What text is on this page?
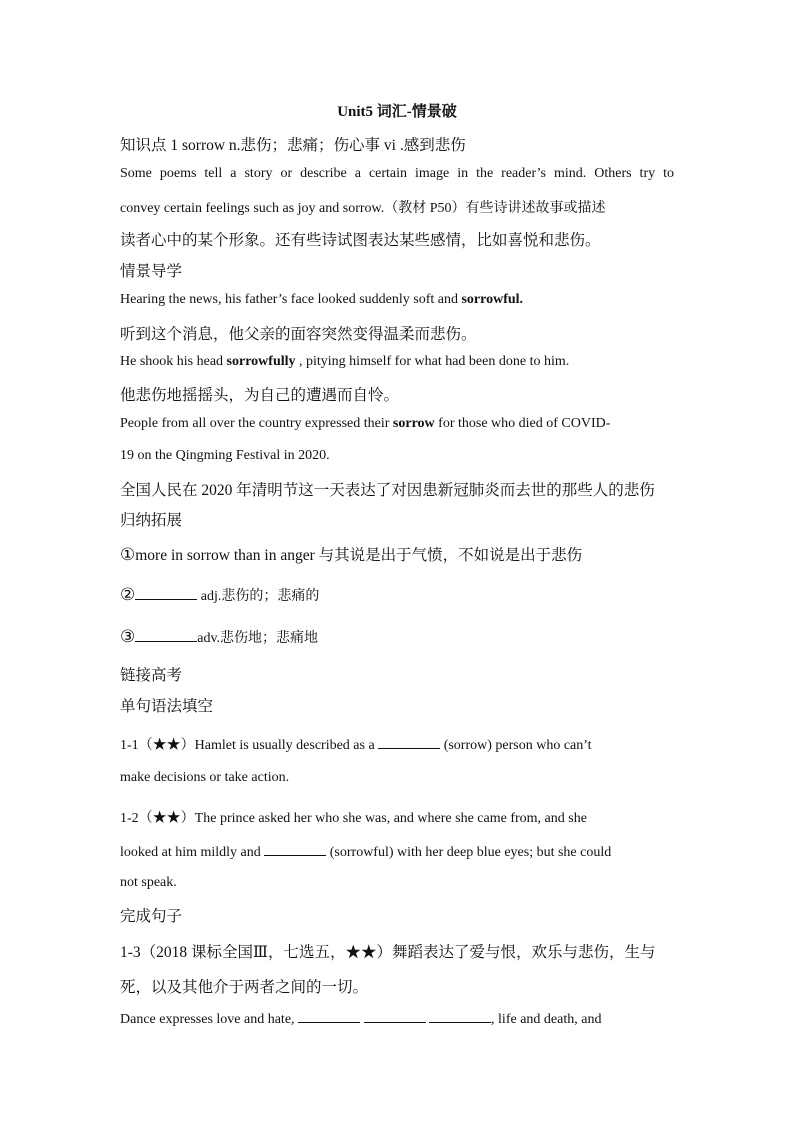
Unit5 词汇-情景破
知识点 1 sorrow n.悲伤；悲痛；伤心事 vi .感到悲伤
Some poems tell a story or describe a certain image in the reader’s mind. Others try to
convey certain feelings such as joy and sorrow.（教材 P50）有些诗讲述故事或描述
读者心中的某个形象。还有些诗试图表达某些感情，比如喜悦和悲伤。
情景导学
Hearing the news, his father’s face looked suddenly soft and sorrowful.
听到这个消息，他父亲的面容突然变得温柔而悲伤。
He shook his head sorrowfully , pitying himself for what had been done to him.
他悲伤地摇摇头，为自己的遭遇而自怜。
People from all over the country expressed their sorrow for those who died of COVID-
19 on the Qingming Festival in 2020.
全国人民在 2020 年清明节这一天表达了对因患新冠肺炎而去世的那些人的悲伤
归纳拓展
①more in sorrow than in anger 与其说是出于气愤，不如说是出于悲伤
②	adj.悲伤的；悲痛的
③	adv.悲伤地；悲痛地
链接高考
单句语法填空
1-1（★★）Hamlet is usually described as a	(sorrow) person who can’t
make decisions or take action.
1-2（★★）The prince asked her who she was, and where she came from, and she
looked at him mildly and	(sorrowful) with her deep blue eyes; but she could
not speak.
完成句子
1-3（2018 课标全国Ⅲ，七选五，★★）舞蹈表达了爱与恨，欢乐与悲伤，生与
死，以及其他介于两者之间的一切。
Dance expresses love and hate,	, life and death, and
